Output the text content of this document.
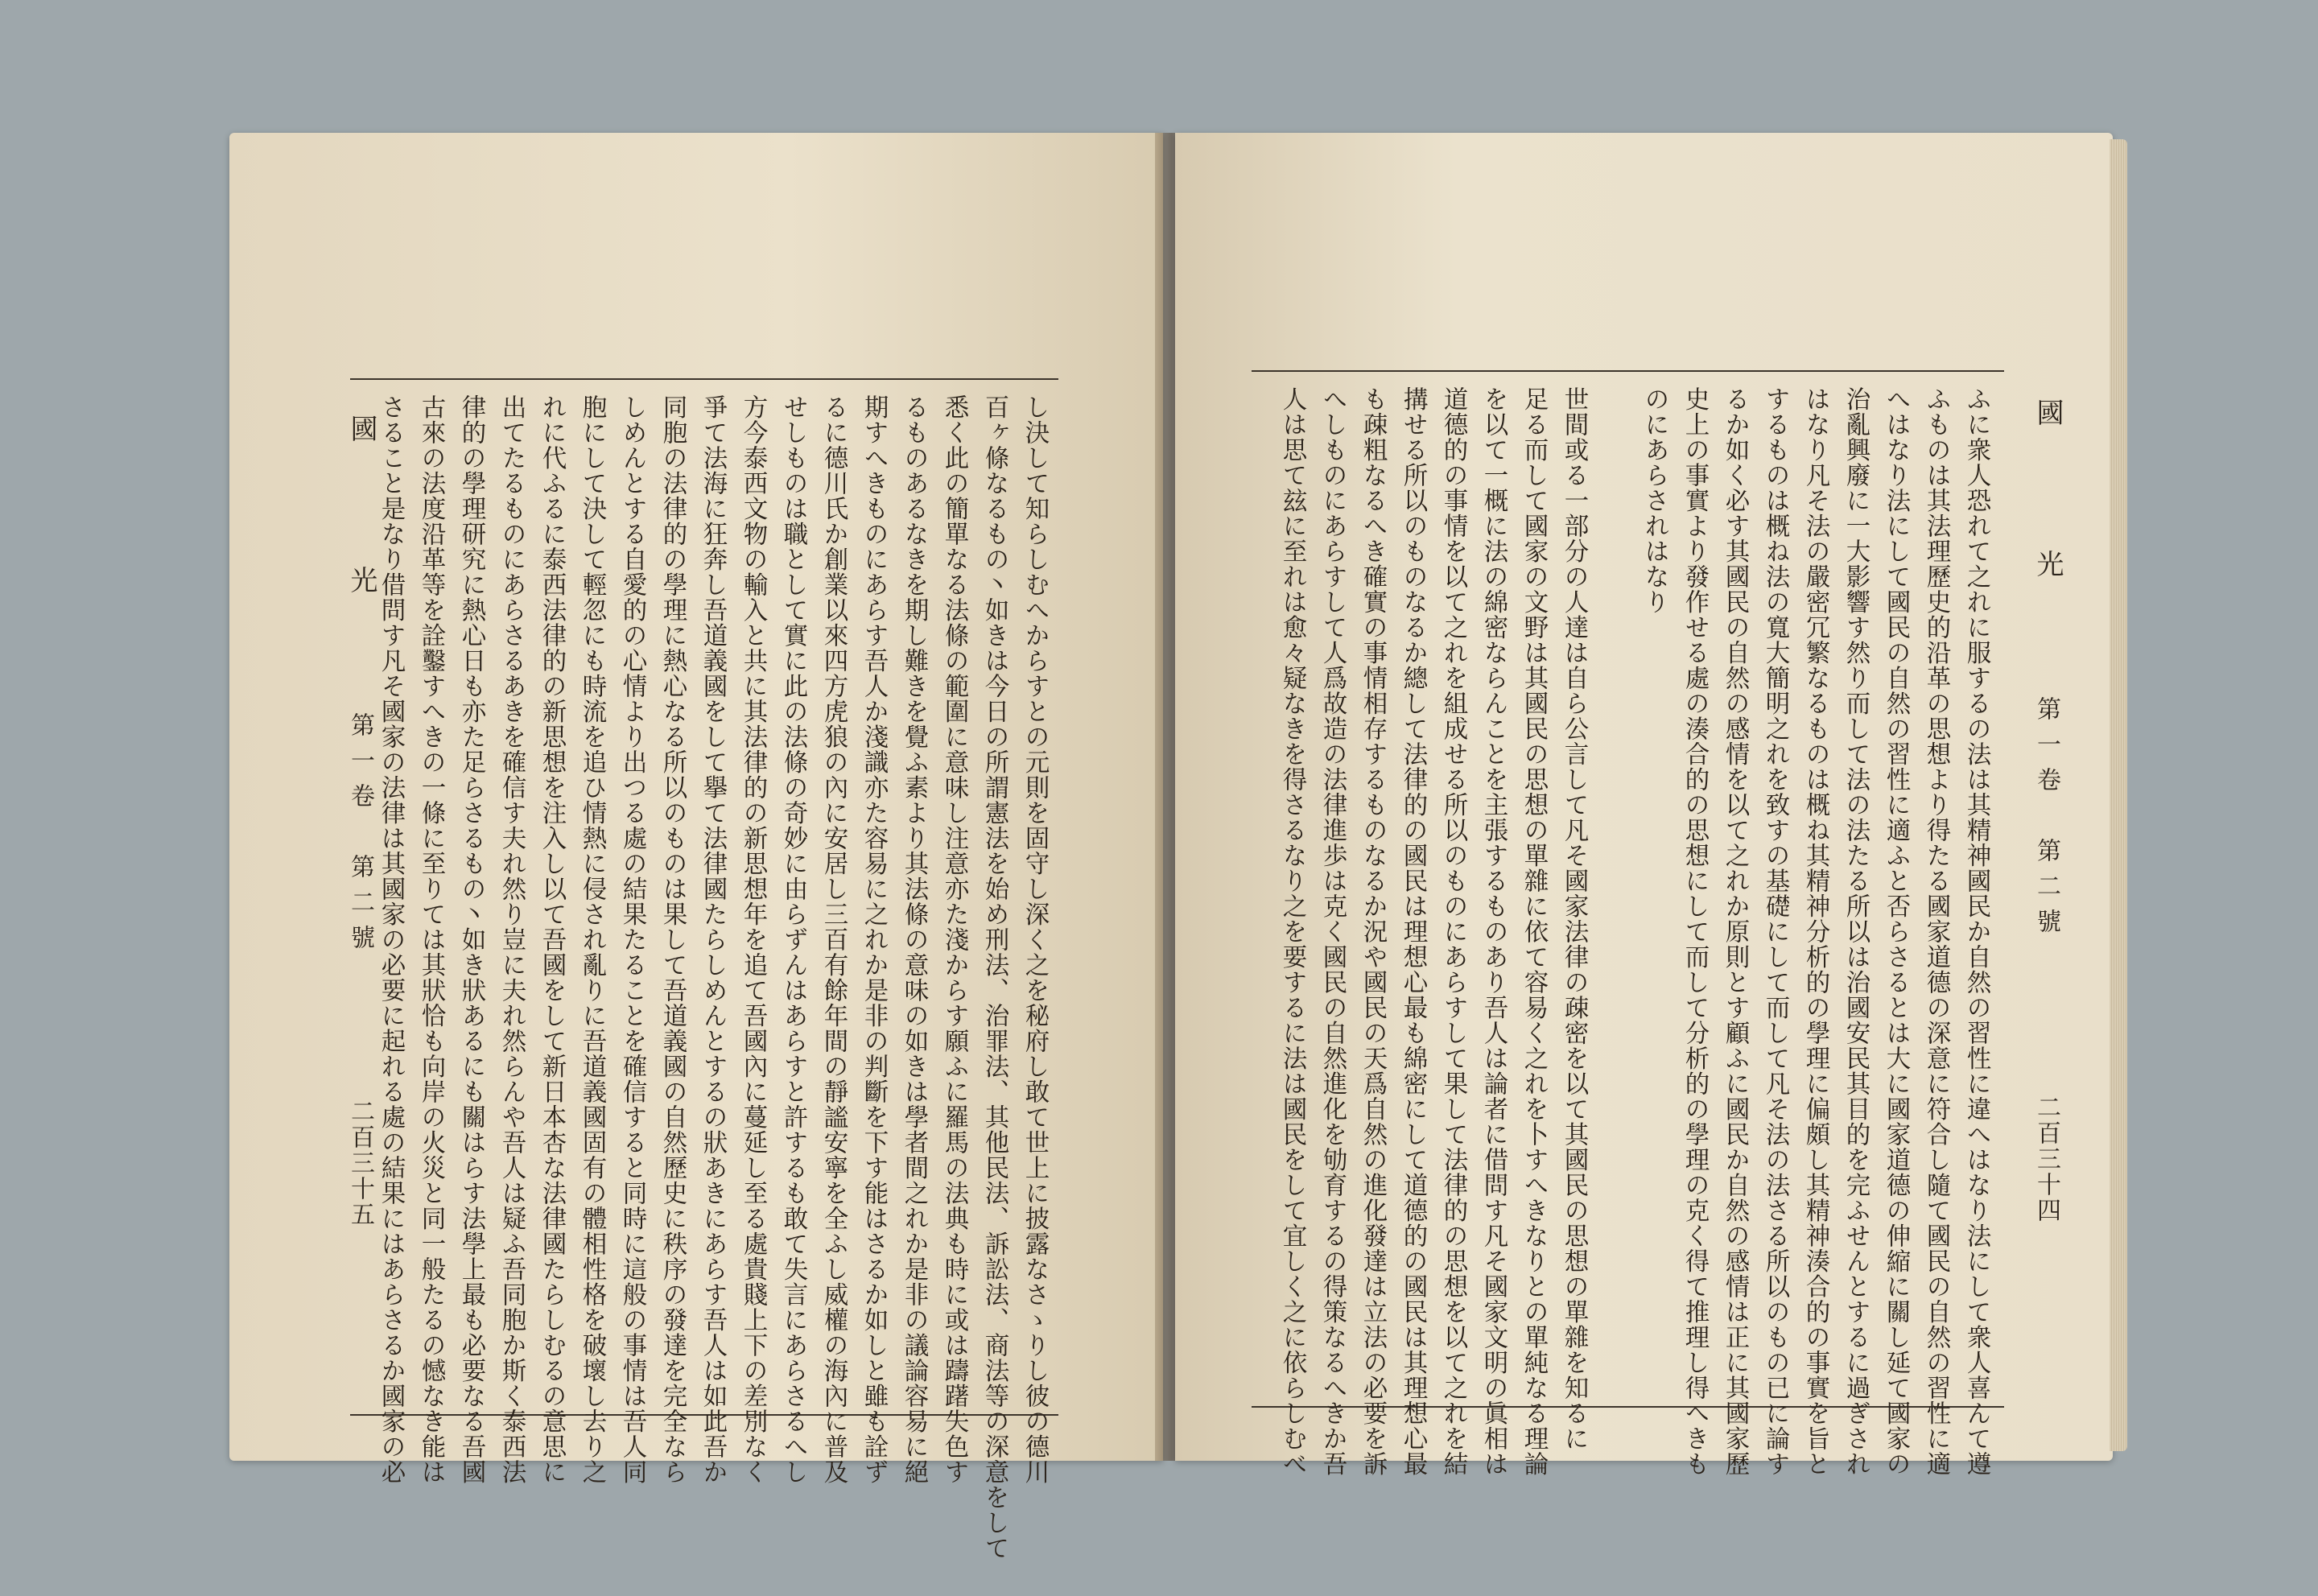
二百三十五
第一卷　第二號
國　光	し決して知らしむへからすとの元則を固守し深く之を秘府し敢て世上に披露なさゝりし彼の德川
百ヶ條なるもの丶如きは今日の所謂憲法を始め刑法、治罪法、其他民法、訴訟法、商法等の深意をして
悉く此の簡單なる法條の範圍に意味し注意亦た淺からす願ふに羅馬の法典も時に或は躊躇失色す
るものあるなきを期し難きを覺ふ素より其法條の意味の如きは學者間之れか是非の議論容易に絕
期すへきものにあらす吾人か淺識亦た容易に之れか是非の判斷を下す能はさるか如しと雖も詮ず
るに德川氏か創業以來四方虎狼の內に安居し三百有餘年間の靜謐安寧を全ふし威權の海內に普及
せしものは職として實に此の法條の奇妙に由らずんはあらすと許するも敢て失言にあらさるへし
方今泰西文物の輸入と共に其法律的の新思想年を追て吾國內に蔓延し至る處貴賤上下の差別なく
爭て法海に狂奔し吾道義國をして擧て法律國たらしめんとするの狀あきにあらす吾人は如此吾か
同胞の法律的の學理に熱心なる所以のものは果して吾道義國の自然歷史に秩序の發達を完全なら
しめんとする自愛的の心情より出つる處の結果たることを確信すると同時に這般の事情は吾人同
胞にして決して輕忽にも時流を追ひ情熱に侵され亂りに吾道義國固有の體相性格を破壞し去り之
れに代ふるに泰西法律的の新思想を注入し以て吾國をして新日本杏な法律國たらしむるの意思に
出てたるものにあらさるあきを確信す夫れ然り豈に夫れ然らんや吾人は疑ふ吾同胞か斯く泰西法
律的の學理研究に熱心日も亦た足らさるもの丶如き狀あるにも關はらす法學上最も必要なる吾國
古來の法度沿革等を詮鑿すへきの一條に至りては其狀恰も向岸の火災と同一般たるの憾なき能は
さること是なり借問す凡そ國家の法律は其國家の必要に起れる處の結果にはあらさるか國家の必	二百三十四
第一卷　第二號
國　光

ふに衆人恐れて之れに服するの法は其精神國民か自然の習性に違へはなり法にして衆人喜んて遵
ふものは其法理歷史的沿革の思想より得たる國家道德の深意に符合し隨て國民の自然の習性に適
へはなり法にして國民の自然の習性に適ふと否らさるとは大に國家道德の伸縮に關し延て國家の
治亂興廢に一大影響す然り而して法の法たる所以は治國安民其目的を完ふせんとするに過ぎされ
はなり凡そ法の嚴密冗繁なるものは概ね其精神分析的の學理に偏頗し其精神湊合的の事實を旨と
するものは概ね法の寬大簡明之れを致すの基礎にして而して凡そ法の法さる所以のもの已に論す
るか如く必す其國民の自然の感情を以て之れか原則とす顧ふに國民か自然の感情は正に其國家歷
史上の事實より發作せる處の湊合的の思想にして而して分析的の學理の克く得て推理し得へきも
のにあらされはなり

世間或る一部分の人達は自ら公言して凡そ國家法律の疎密を以て其國民の思想の單雜を知るに
足る而して國家の文野は其國民の思想の單雜に依て容易く之れを卜すへきなりとの單純なる理論
を以て一概に法の綿密ならんことを主張するものあり吾人は論者に借問す凡そ國家文明の眞相は
道德的の事情を以て之れを組成せる所以のものにあらすして果して法律的の思想を以て之れを結
搆せる所以のものなるか總して法律的の國民は理想心最も綿密にして道德的の國民は其理想心最
も疎粗なるへき確實の事情相存するものなるか況や國民の天爲自然の進化發達は立法の必要を訴
へしものにあらすして人爲故造の法律進歩は克く國民の自然進化を劬育するの得策なるへきか吾
人は思て玆に至れは愈々疑なきを得さるなり之を要するに法は國民をして宜しく之に依らしむべ
